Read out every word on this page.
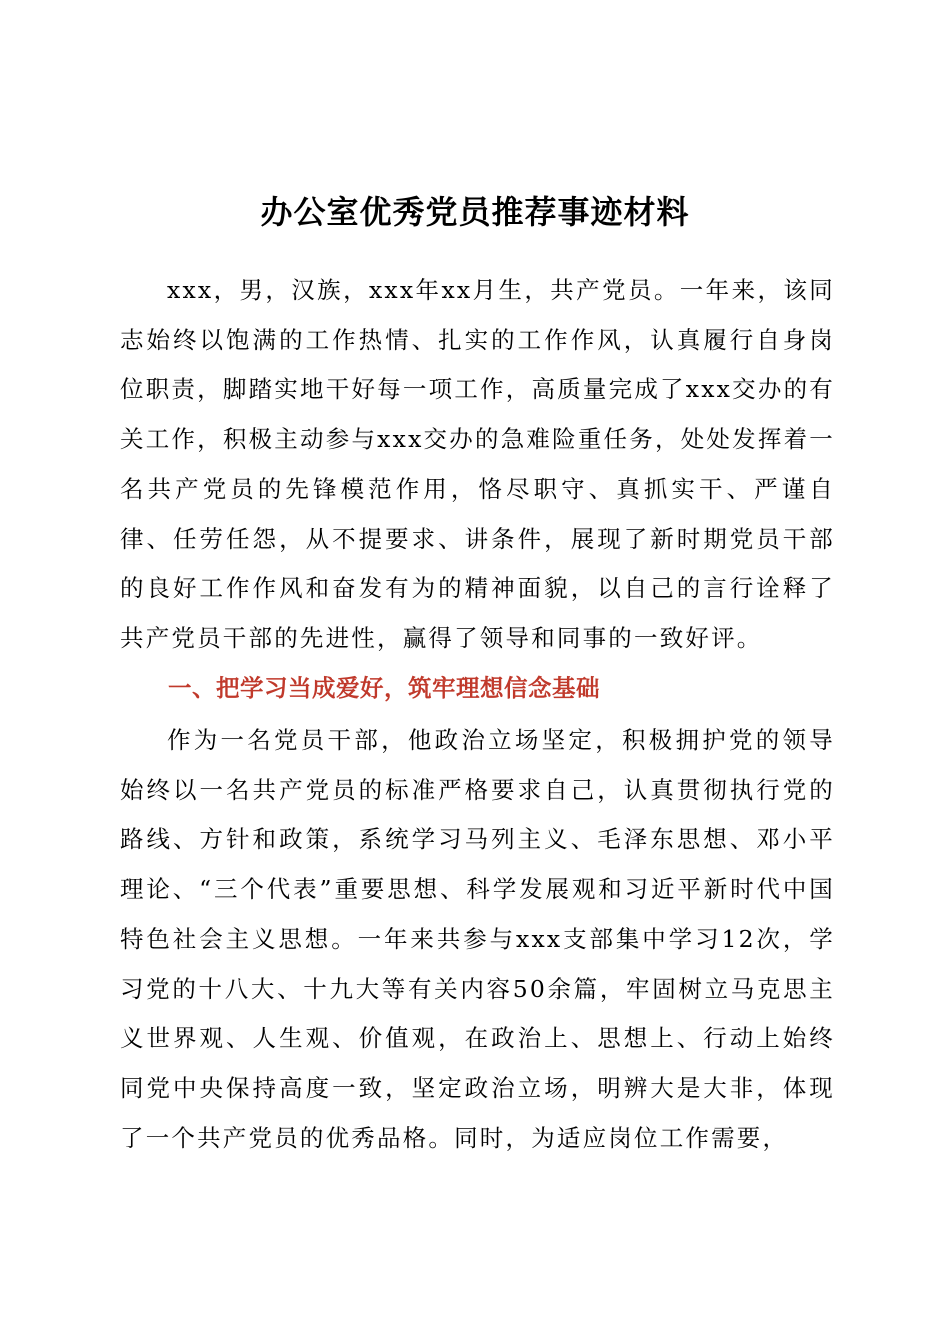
办公室优秀党员推荐事迹材料

xxx，男，汉族，xxx年xx月生，共产党员。一年来，该同志始终以饱满的工作热情、扎实的工作作风，认真履行自身岗位职责，脚踏实地干好每一项工作，高质量完成了xxx交办的有关工作，积极主动参与xxx交办的急难险重任务，处处发挥着一名共产党员的先锋模范作用，恪尽职守、真抓实干、严谨自律、任劳任怨，从不提要求、讲条件，展现了新时期党员干部的良好工作作风和奋发有为的精神面貌，以自己的言行诠释了共产党员干部的先进性，赢得了领导和同事的一致好评。

一、把学习当成爱好，筑牢理想信念基础

作为一名党员干部，他政治立场坚定，积极拥护党的领导始终以一名共产党员的标准严格要求自己，认真贯彻执行党的路线、方针和政策，系统学习马列主义、毛泽东思想、邓小平理论、“三个代表”重要思想、科学发展观和习近平新时代中国特色社会主义思想。一年来共参与xxx支部集中学习12次，学习党的十八大、十九大等有关内容50余篇，牢固树立马克思主义世界观、人生观、价值观，在政治上、思想上、行动上始终同党中央保持高度一致，坚定政治立场，明辨大是大非，体现了一个共产党员的优秀品格。同时，为适应岗位工作需要，
